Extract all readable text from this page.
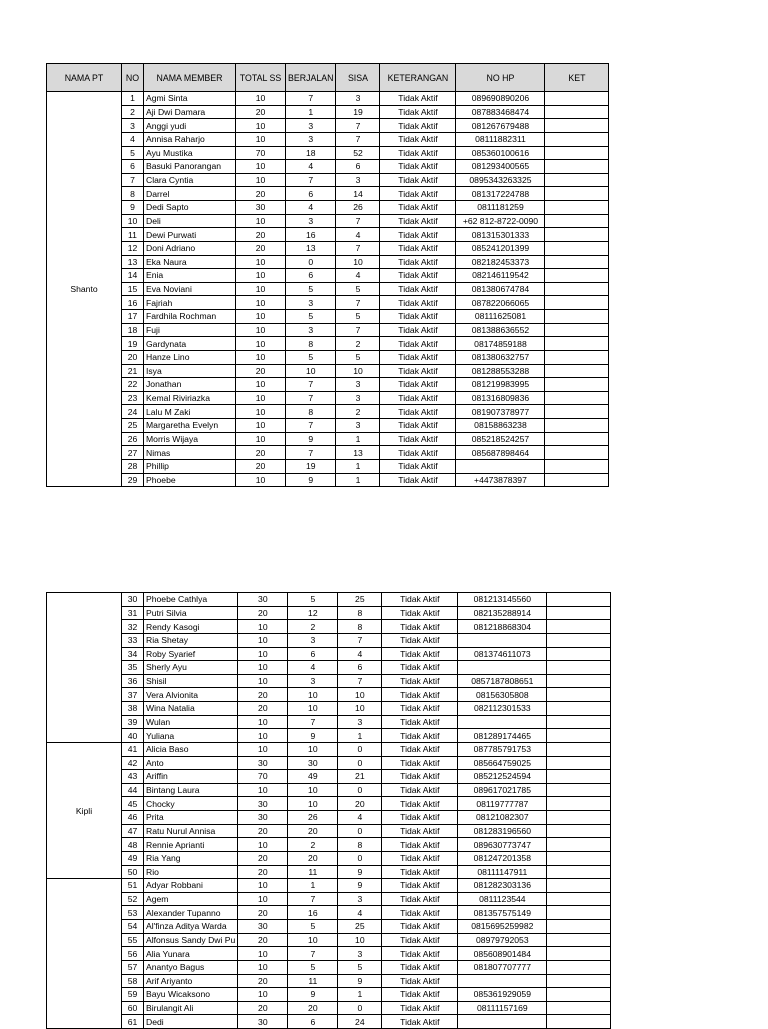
NAMA PT	NO	NAMA MEMBER	TOTAL SS	BERJALAN	SISA	KETERANGAN	NO HP	KET
Shanto	1	Agmi Sinta	10	7	3	Tidak Aktif	089690890206	
	2	Aji Dwi Damara	20	1	19	Tidak Aktif	087883468474	
	3	Anggi yudi	10	3	7	Tidak Aktif	081267679488	
	4	Annisa Raharjo	10	3	7	Tidak Aktif	08111882311	
	5	Ayu Mustika	70	18	52	Tidak Aktif	085360100616	
	6	Basuki Panorangan	10	4	6	Tidak Aktif	081293400565	
	7	Clara Cyntia	10	7	3	Tidak Aktif	0895343263325	
	8	Darrel	20	6	14	Tidak Aktif	081317224788	
	9	Dedi Sapto	30	4	26	Tidak Aktif	0811181259	
	10	Deli	10	3	7	Tidak Aktif	+62 812-8722-0090	
	11	Dewi Purwati	20	16	4	Tidak Aktif	081315301333	
	12	Doni Adriano	20	13	7	Tidak Aktif	085241201399	
	13	Eka Naura	10	0	10	Tidak Aktif	082182453373	
	14	Enia	10	6	4	Tidak Aktif	082146119542	
	15	Eva Noviani	10	5	5	Tidak Aktif	081380674784	
	16	Fajriah	10	3	7	Tidak Aktif	087822066065	
	17	Fardhila Rochman	10	5	5	Tidak Aktif	08111625081	
	18	Fuji	10	3	7	Tidak Aktif	081388636552	
	19	Gardynata	10	8	2	Tidak Aktif	08174859188	
	20	Hanze Lino	10	5	5	Tidak Aktif	081380632757	
	21	Isya	20	10	10	Tidak Aktif	081288553288	
	22	Jonathan	10	7	3	Tidak Aktif	081219983995	
	23	Kemal Riviriazka	10	7	3	Tidak Aktif	081316809836	
	24	Lalu M Zaki	10	8	2	Tidak Aktif	081907378977	
	25	Margaretha Evelyn	10	7	3	Tidak Aktif	08158863238	
	26	Morris Wijaya	10	9	1	Tidak Aktif	085218524257	
	27	Nimas	20	7	13	Tidak Aktif	085687898464	
	28	Phillip	20	19	1	Tidak Aktif		
	29	Phoebe	10	9	1	Tidak Aktif	+4473878397	
	30	Phoebe Cathlya	30	5	25	Tidak Aktif	081213145560	
	31	Putri Silvia	20	12	8	Tidak Aktif	082135288914	
	32	Rendy Kasogi	10	2	8	Tidak Aktif	081218868304	
	33	Ria Shetay	10	3	7	Tidak Aktif		
	34	Roby Syarief	10	6	4	Tidak Aktif	081374611073	
	35	Sherly Ayu	10	4	6	Tidak Aktif		
	36	Shisil	10	3	7	Tidak Aktif	0857187808651	
	37	Vera Alvionita	20	10	10	Tidak Aktif	08156305808	
	38	Wina Natalia	20	10	10	Tidak Aktif	082112301533	
	39	Wulan	10	7	3	Tidak Aktif		
	40	Yuliana	10	9	1	Tidak Aktif	081289174465	
Kipli	41	Alicia Baso	10	10	0	Tidak Aktif	087785791753	
	42	Anto	30	30	0	Tidak Aktif	085664759025	
	43	Ariffin	70	49	21	Tidak Aktif	085212524594	
	44	Bintang Laura	10	10	0	Tidak Aktif	089617021785	
	45	Chocky	30	10	20	Tidak Aktif	08119777787	
	46	Prita	30	26	4	Tidak Aktif	08121082307	
	47	Ratu Nurul Annisa	20	20	0	Tidak Aktif	081283196560	
	48	Rennie Aprianti	10	2	8	Tidak Aktif	089630773747	
	49	Ria Yang	20	20	0	Tidak Aktif	081247201358	
	50	Rio	20	11	9	Tidak Aktif	08111147911	
	51	Adyar Robbani	10	1	9	Tidak Aktif	081282303136	
	52	Agem	10	7	3	Tidak Aktif	0811123544	
	53	Alexander Tupanno	20	16	4	Tidak Aktif	081357575149	
	54	Al'finza Aditya Warda	30	5	25	Tidak Aktif	0815695259982	
	55	Alfonsus Sandy Dwi Pu	20	10	10	Tidak Aktif	08979792053	
	56	Alia Yunara	10	7	3	Tidak Aktif	085608901484	
	57	Anantyo Bagus	10	5	5	Tidak Aktif	081807707777	
	58	Arif Ariyanto	20	11	9	Tidak Aktif		
	59	Bayu Wicaksono	10	9	1	Tidak Aktif	085361929059	
	60	Birulangit Ali	20	20	0	Tidak Aktif	08111157169	
	61	Dedi	30	6	24	Tidak Aktif		
